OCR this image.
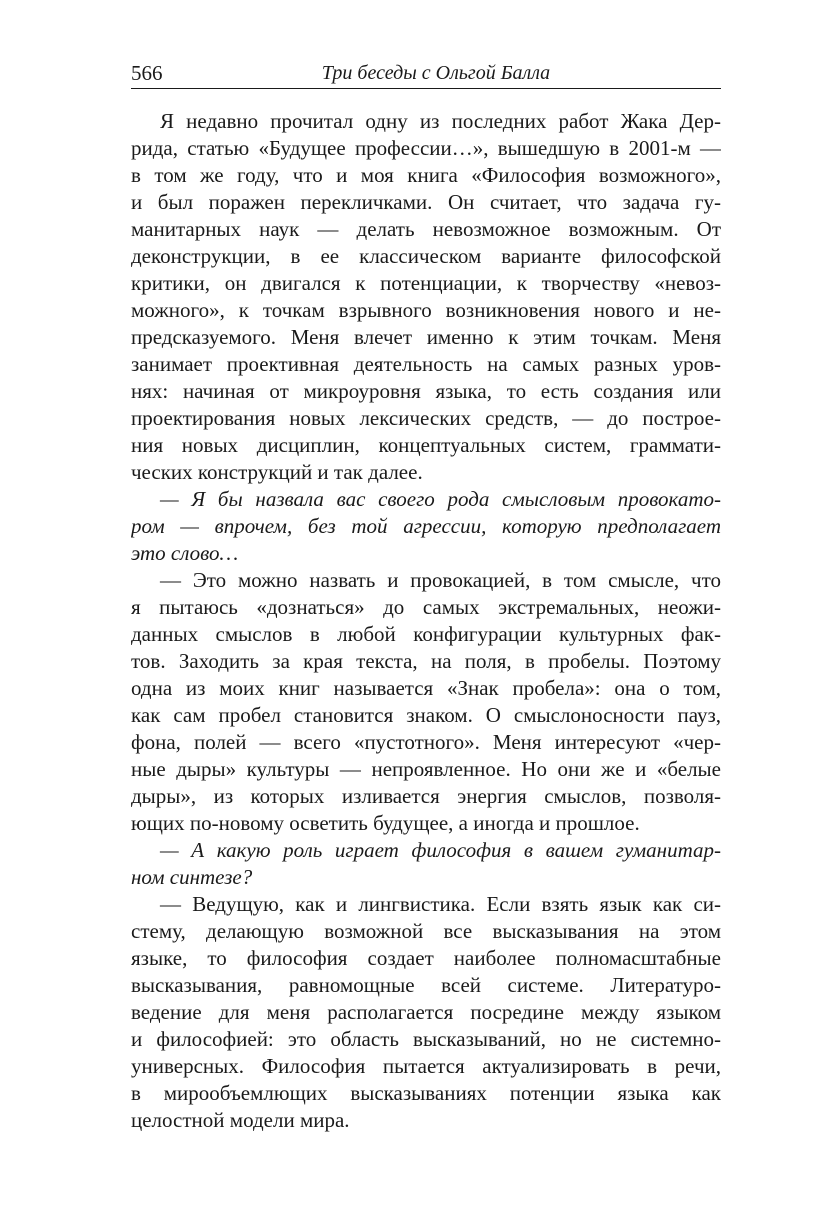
566	Три беседы с Ольгой Балла
Я недавно прочитал одну из последних работ Жака Дер-
рида, статью «Будущее профессии…», вышедшую в 2001-м —
в том же году, что и моя книга «Философия возможного»,
и был поражен перекличками. Он считает, что задача гу-
манитарных наук — делать невозможное возможным. От
деконструкции, в ее классическом варианте философской
критики, он двигался к потенциации, к творчеству «невоз-
можного», к точкам взрывного возникновения нового и не-
предсказуемого. Меня влечет именно к этим точкам. Меня
занимает проективная деятельность на самых разных уров-
нях: начиная от микроуровня языка, то есть создания или
проектирования новых лексических средств, — до построе-
ния новых дисциплин, концептуальных систем, граммати-
ческих конструкций и так далее.
— Я бы назвала вас своего рода смысловым провокато-
ром — впрочем, без той агрессии, которую предполагает
это слово…
— Это можно назвать и провокацией, в том смысле, что
я пытаюсь «дознаться» до самых экстремальных, неожи-
данных смыслов в любой конфигурации культурных фак-
тов. Заходить за края текста, на поля, в пробелы. Поэтому
одна из моих книг называется «Знак пробела»: она о том,
как сам пробел становится знаком. О смыслоносности пауз,
фона, полей — всего «пустотного». Меня интересуют «чер-
ные дыры» культуры — непроявленное. Но они же и «белые
дыры», из которых изливается энергия смыслов, позволя-
ющих по-новому осветить будущее, а иногда и прошлое.
— А какую роль играет философия в вашем гуманитар-
ном синтезе?
— Ведущую, как и лингвистика. Если взять язык как си-
стему, делающую возможной все высказывания на этом
языке, то философия создает наиболее полномасштабные
высказывания, равномощные всей системе. Литературо-
ведение для меня располагается посредине между языком
и философией: это область высказываний, но не системно-
универсных. Философия пытается актуализировать в речи,
в мирообъемлющих высказываниях потенции языка как
целостной модели мира.
